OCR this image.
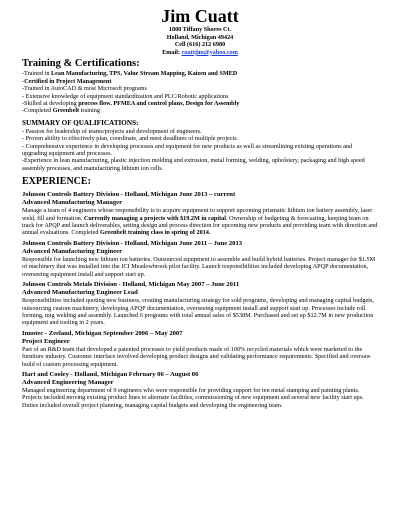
Jim Cuatt
1800 Tiffany Shores Ct.
Holland, Michigan 49424
Cell (616) 212 6980
Email: cuattjim@yahoo.com
Training & Certifications:
-Trained in Lean Manufacturing, TPS, Value Stream Mapping, Kaizen and SMED
-Certified in Project Management
-Trained in AutoCAD & most Microsoft programs
- Extensive knowledge of equipment standardization and PLC/Robotic applications
-Skilled at developing process flow, PFMEA and control plans, Design for Assembly
-Completed Greenbelt training
SUMMARY OF QUALIFICATIONS:
- Passion for leadership of teams/projects and development of engineers.
- Proven ability to effectively plan, coordinate, and meet deadlines of multiple projects.
- Comprehensive experience in developing processes and equipment for new products as well as streamlining existing operations and upgrading equipment and processes.
-Experience in lean manufacturing, plastic injection molding and extrusion, metal forming, welding, upholstery, packaging and high speed assembly processes, and manufacturing lithium ion cells.
EXPERIENCE:
Johnson Controls Battery Division - Holland, Michigan June 2013 – current
Advanced Manufacturing Manager
Manage a team of 4 engineers whose responsibility is to acquire equipment to support upcoming prismatic lithium ion battery assembly, laser weld, fill and formation. Currently managing a projects with $19.2M in capital. Ownership of budgeting & forecasting, keeping team on track for APQP and launch deliverables, setting design and process direction for upcoming new products and providing team with direction and annual evaluations. Completed Greenbelt training class in spring of 2014.
Johnson Controls Battery Division - Holland, Michigan June 2011 – June 2013
Advanced Manufacturing Engineer
Responsible for launching new lithium ion batteries. Outsourced equipment to assemble and build hybrid batteries. Project manager for $1.5M of machinery that was installed into the JCI Meadowbrook pilot facility. Launch responsibilities included developing APQP documentation, overseeing equipment install and support start up.
Johnson Controls Metals Division - Holland, Michigan May 2007 – June 2011
Advanced Manufacturing Engineer Lead
Responsibilities included quoting new business, creating manufacturing strategy for sold programs, developing and managing capital budgets, outsourcing custom machinery, developing APQP documentation, overseeing equipment install and support start up. Processes include roll forming, mig welding and assembly. Launched 6 programs with total annual sales of $538M. Purchased and set up $12.7M in new production equipment and tooling in 2 years.
Innotec - Zeeland, Michigan September 2006 – May 2007
Project Engineer
Part of an R&D team that developed a patented processes to yield products made of 100% recycled materials which were marketed to the furniture industry. Customer interface involved developing product designs and validating performance requirements. Specified and oversaw build of custom processing equipment.
Hart and Cooley - Holland, Michigan February 06 – August 06
Advanced Engineering Manager
Managed engineering department of 9 engineers who were responsible for providing support for ten metal stamping and painting plants. Projects included moving existing product lines to alternate facilities, commissioning of new equipment and several new facility start ups. Duties included overall project planning, managing capital budgets and developing the engineering team.
